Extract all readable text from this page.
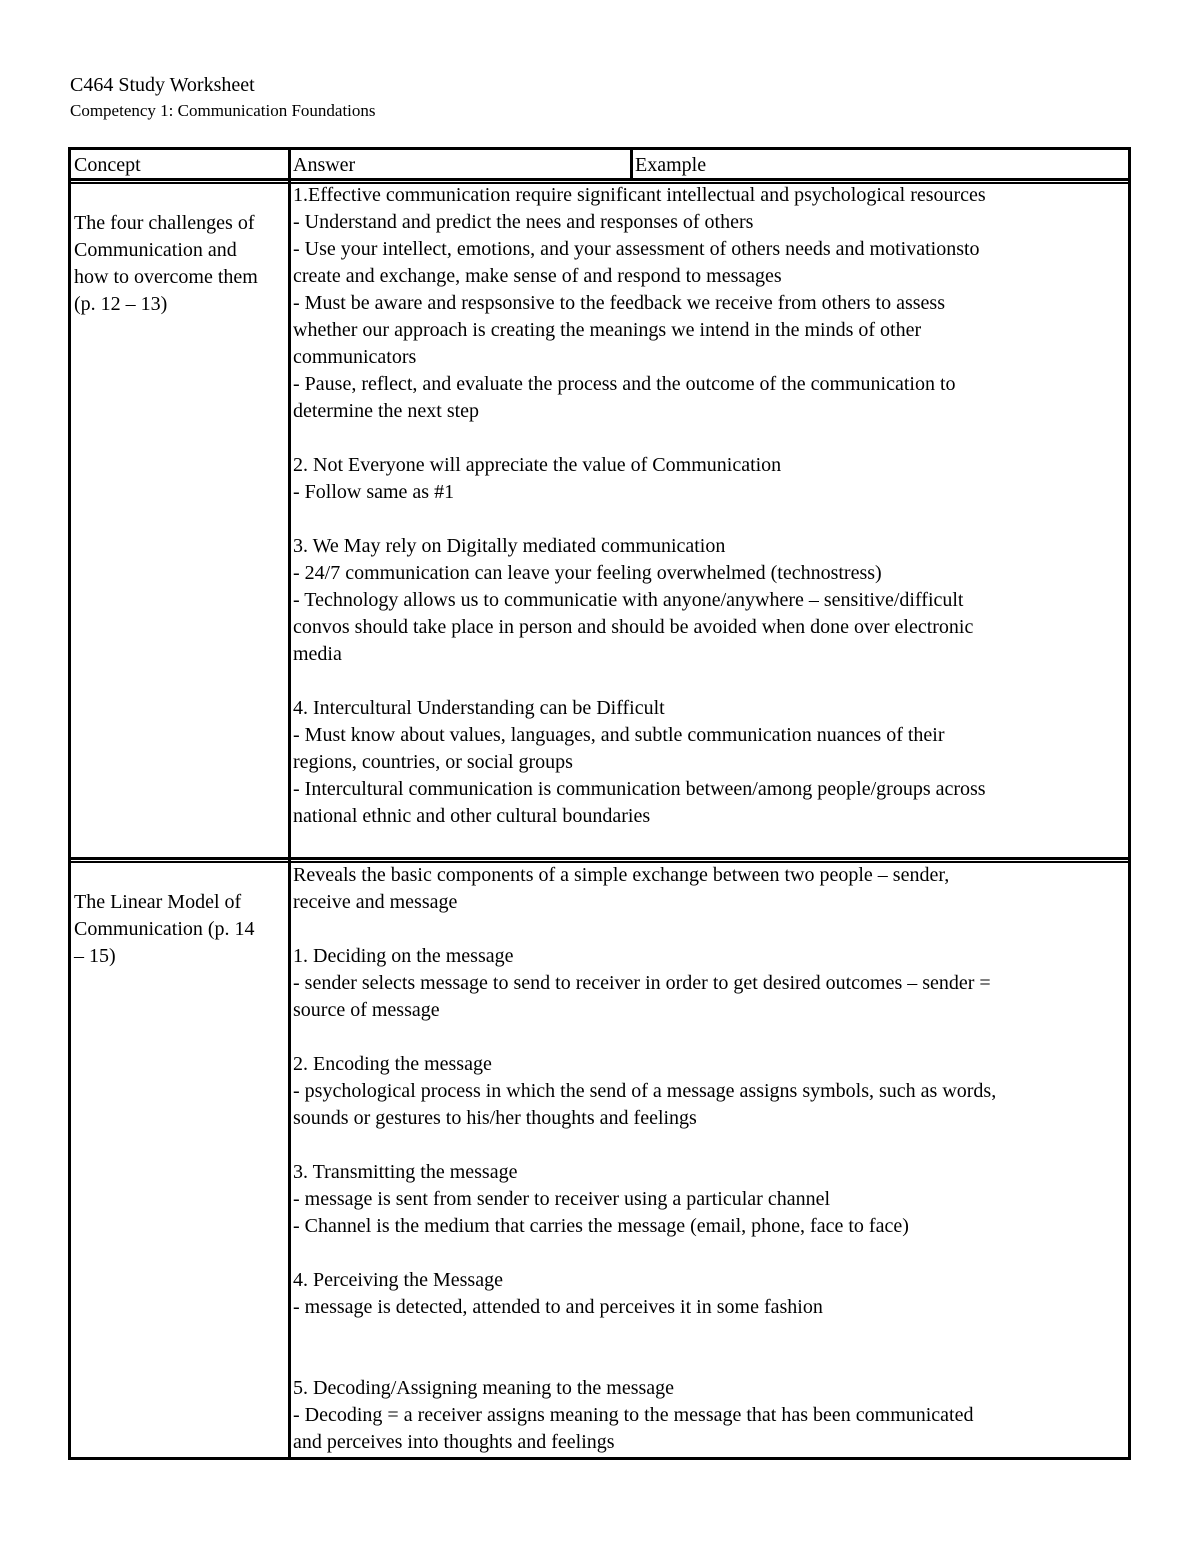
C464 Study Worksheet
Competency 1: Communication Foundations
Concept	Answer	Example
The four challenges of
Communication and
how to overcome them
(p. 12 – 13)
1.Effective communication require significant intellectual and psychological resources
- Understand and predict the nees and responses of others
- Use your intellect, emotions, and your assessment of others needs and motivationsto
create and exchange, make sense of and respond to messages
- Must be aware and respsonsive to the feedback we receive from others to assess
whether our approach is creating the meanings we intend in the minds of other
communicators
- Pause, reflect, and evaluate the process and the outcome of the communication to
determine the next step
2. Not Everyone will appreciate the value of Communication
- Follow same as #1
3. We May rely on Digitally mediated communication
- 24/7 communication can leave your feeling overwhelmed (technostress)
- Technology allows us to communicatie with anyone/anywhere – sensitive/difficult
convos should take place in person and should be avoided when done over electronic
media
4. Intercultural Understanding can be Difficult
- Must know about values, languages, and subtle communication nuances of their
regions, countries, or social groups
- Intercultural communication is communication between/among people/groups across
national ethnic and other cultural boundaries
The Linear Model of
Communication (p. 14
– 15)
Reveals the basic components of a simple exchange between two people – sender,
receive and message
1. Deciding on the message
- sender selects message to send to receiver in order to get desired outcomes – sender =
source of message
2. Encoding the message
- psychological process in which the send of a message assigns symbols, such as words,
sounds or gestures to his/her thoughts and feelings
3. Transmitting the message
- message is sent from sender to receiver using a particular channel
- Channel is the medium that carries the message (email, phone, face to face)
4. Perceiving the Message
- message is detected, attended to and perceives it in some fashion
5. Decoding/Assigning meaning to the message
- Decoding = a receiver assigns meaning to the message that has been communicated
and perceives into thoughts and feelings
